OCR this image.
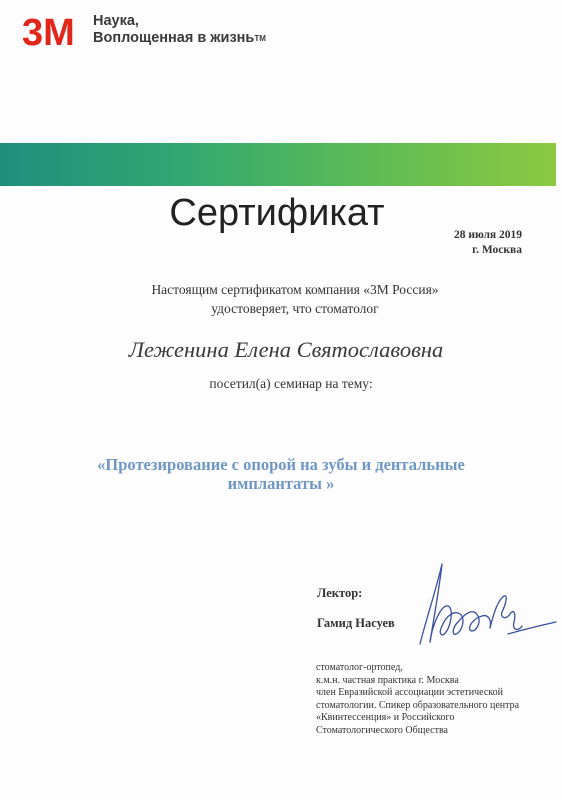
3M Наука,
Воплощенная в жизнь™
Сертификат
28 июля 2019
г. Москва
Настоящим сертификатом компания «3M Россия»
удостоверяет, что стоматолог
Леженина Елена Святославовна
посетил(а) семинар на тему:
«Протезирование с опорой на зубы и дентальные
имплантаты »
Лектор:
Гамид Насуев
стоматолог-ортопед,
к.м.н. частная практика г. Москва
член Евразийской ассоциации эстетической
стоматологии. Спикер образовательного центра
«Квинтессенция» и Российского
Стоматологического Общества
